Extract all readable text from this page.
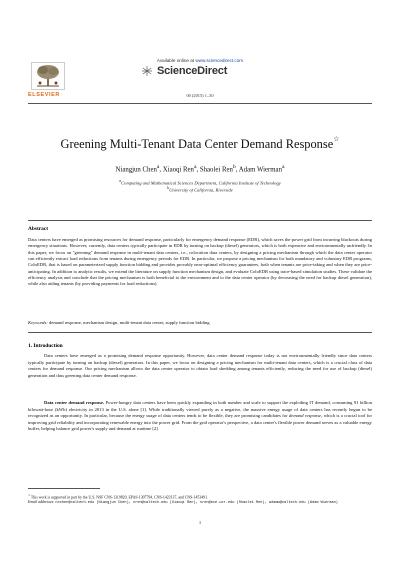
Available online at www.sciencedirect.com
ScienceDirect
ELSEVIER	00 (2015) 1–30
Greening Multi-Tenant Data Center Demand Response☆
Niangjun Chen$^a$, Xiaoqi Ren$^a$, Shaolei Ren$^b$, Adam Wierman$^a$
$^a$Computing and Mathematical Sciences Department, California Institute of Technology
$^b$University of California, Riverside
Abstract
Data centers have emerged as promising resources for demand response, particularly for emergency demand response (EDR), which saves the power grid from incurring blackouts during emergency situations. However, currently, data centers typically participate in EDR by turning on backup (diesel) generators, which is both expensive and environmentally unfriendly. In this paper, we focus on "greening" demand response in multi-tenant data centers, i.e., colocation data centers, by designing a pricing mechanism through which the data center operator can efficiently extract load reductions from tenants during emergency periods for EDR. In particular, we propose a pricing mechanism for both mandatory and voluntary EDR programs, ColoEDR, that is based on parameterized supply function bidding and provides provably near-optimal efficiency guarantees, both when tenants are price-taking and when they are price-anticipating. In addition to analytic results, we extend the literature on supply function mechanism design, and evaluate ColoEDR using trace-based simulation studies. These validate the efficiency analysis and conclude that the pricing mechanism is both beneficial to the environment and to the data center operator (by decreasing the need for backup diesel generation), while also aiding tenants (by providing payments for load reductions).
Keywords: demand response, mechanism design, multi-tenant data center, supply function bidding
1. Introduction
Data centers have emerged as a promising demand response opportunity. However, data center demand response today is not environmentally friendly since data centers typically participate by turning on backup (diesel) generators. In this paper, we focus on designing a pricing mechanism for multi-tenant data centers, which is a crucial class of data centers for demand response. Our pricing mechanism allows the data center operator to obtain load shedding among tenants efficiently, reducing the need for use of backup (diesel) generation and thus greening data center demand response.
Data center demand response. Power-hungry data centers have been quickly expanding in both number and scale to support the exploding IT demand, consuming 91 billion kilowatt-hour (kWh) electricity in 2013 in the U.S. alone [1]. While traditionally viewed purely as a negative, the massive energy usage of data centers has recently begun to be recognized as an opportunity. In particular, because the energy usage of data centers tends to be flexible, they are promising candidates for demand response, which is a crucial tool for improving grid reliability and incorporating renewable energy into the power grid. From the grid operator's perspective, a data center's flexible power demand serves as a valuable energy buffer, helping balance grid power's supply and demand at runtime [2].
☆This work is supported in part by the U.S. NSF CNS-1319820, EPAS-1307794, CNS-1423137, and CNS-1453491.
Email addresses: ncchen@caltech.edu (Niangjun Chen), xren@caltech.edu (Xiaoqi Ren), sren@ece.ucr.edu (Shaolei Ren), adamw@caltech.edu (Adam Wierman)
1
